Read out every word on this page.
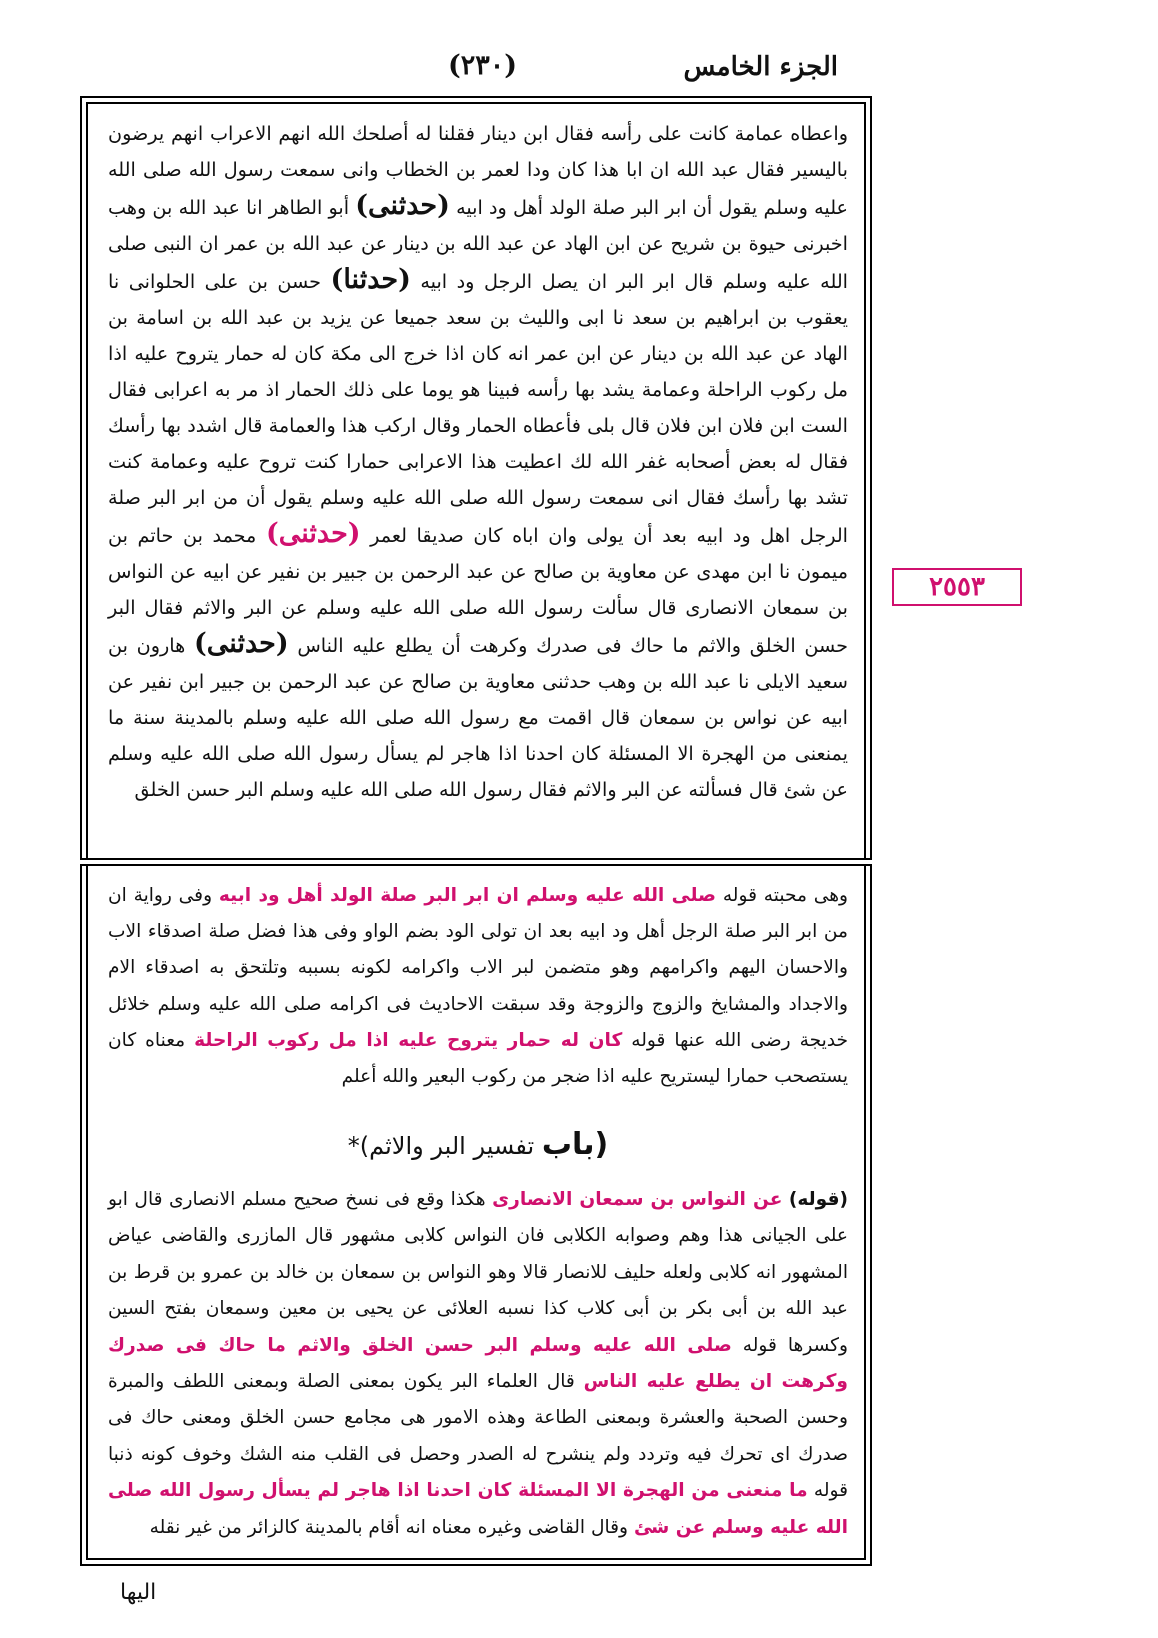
الجزء الخامس
(٢٣٠)
واعطاه عمامة كانت على رأسه فقال ابن دينار فقلنا له أصلحك الله انهم الاعراب انهم يرضون باليسير فقال عبد الله ان ابا هذا كان ودا لعمر بن الخطاب وانى سمعت رسول الله صلى الله عليه وسلم يقول أن ابر البر صلة الولد أهل ود ابيه (حدثنى) أبو الطاهر انا عبد الله بن وهب اخبرنى حيوة بن شريح عن ابن الهاد عن عبد الله بن دينار عن عبد الله بن عمر ان النبى صلى الله عليه وسلم قال ابر البر ان يصل الرجل ود ابيه (حدثنا) حسن بن على الحلوانى نا يعقوب بن ابراهيم بن سعد نا ابى والليث بن سعد جميعا عن يزيد بن عبد الله بن اسامة بن الهاد عن عبد الله بن دينار عن ابن عمر انه كان اذا خرج الى مكة كان له حمار يتروح عليه اذا مل ركوب الراحلة وعمامة يشد بها رأسه فبينا هو يوما على ذلك الحمار اذ مر به اعرابى فقال الست ابن فلان ابن فلان قال بلى فأعطاه الحمار وقال اركب هذا والعمامة قال اشدد بها رأسك فقال له بعض أصحابه غفر الله لك اعطيت هذا الاعرابى حمارا كنت تروح عليه وعمامة كنت تشد بها رأسك فقال انى سمعت رسول الله صلى الله عليه وسلم يقول أن من ابر البر صلة الرجل اهل ود ابيه بعد أن يولى وان اباه كان صديقا لعمر (حدثنى) محمد بن حاتم بن ميمون نا ابن مهدى عن معاوية بن صالح عن عبد الرحمن بن جبير بن نفير عن ابيه عن النواس بن سمعان الانصارى قال سألت رسول الله صلى الله عليه وسلم عن البر والاثم فقال البر حسن الخلق والاثم ما حاك فى صدرك وكرهت أن يطلع عليه الناس (حدثنى) هارون بن سعيد الايلى نا عبد الله بن وهب حدثنى معاوية بن صالح عن عبد الرحمن بن جبير ابن نفير عن ابيه عن نواس بن سمعان قال اقمت مع رسول الله صلى الله عليه وسلم بالمدينة سنة ما يمنعنى من الهجرة الا المسئلة كان احدنا اذا هاجر لم يسأل رسول الله صلى الله عليه وسلم عن شئ قال فسألته عن البر والاثم فقال رسول الله صلى الله عليه وسلم البر حسن الخلق
٢٥٥٣
وهى محبته قوله صلى الله عليه وسلم ان ابر البر صلة الولد أهل ود ابيه وفى رواية ان من ابر البر صلة الرجل أهل ود ابيه بعد ان تولى الود بضم الواو وفى هذا فضل صلة اصدقاء الاب والاحسان اليهم واكرامهم وهو متضمن لبر الاب واكرامه لكونه بسببه وتلتحق به اصدقاء الام والاجداد والمشايخ والزوج والزوجة وقد سبقت الاحاديث فى اكرامه صلى الله عليه وسلم خلائل خديجة رضى الله عنها قوله كان له حمار يتروح عليه اذا مل ركوب الراحلة معناه كان يستصحب حمارا ليستريح عليه اذا ضجر من ركوب البعير والله أعلم
(باب تفسير البر والاثم)*
(قوله) عن النواس بن سمعان الانصارى هكذا وقع فى نسخ صحيح مسلم الانصارى قال ابو على الجيانى هذا وهم وصوابه الكلابى فان النواس كلابى مشهور قال المازرى والقاضى عياض المشهور انه كلابى ولعله حليف للانصار قالا وهو النواس بن سمعان بن خالد بن عمرو بن قرط بن عبد الله بن أبى بكر بن أبى كلاب كذا نسبه العلائى عن يحيى بن معين وسمعان بفتح السين وكسرها قوله صلى الله عليه وسلم البر حسن الخلق والاثم ما حاك فى صدرك وكرهت ان يطلع عليه الناس قال العلماء البر يكون بمعنى الصلة وبمعنى اللطف والمبرة وحسن الصحبة والعشرة وبمعنى الطاعة وهذه الامور هى مجامع حسن الخلق ومعنى حاك فى صدرك اى تحرك فيه وتردد ولم ينشرح له الصدر وحصل فى القلب منه الشك وخوف كونه ذنبا قوله ما منعنى من الهجرة الا المسئلة كان احدنا اذا هاجر لم يسأل رسول الله صلى الله عليه وسلم عن شئ وقال القاضى وغيره معناه انه أقام بالمدينة كالزائر من غير نقله
اليها
